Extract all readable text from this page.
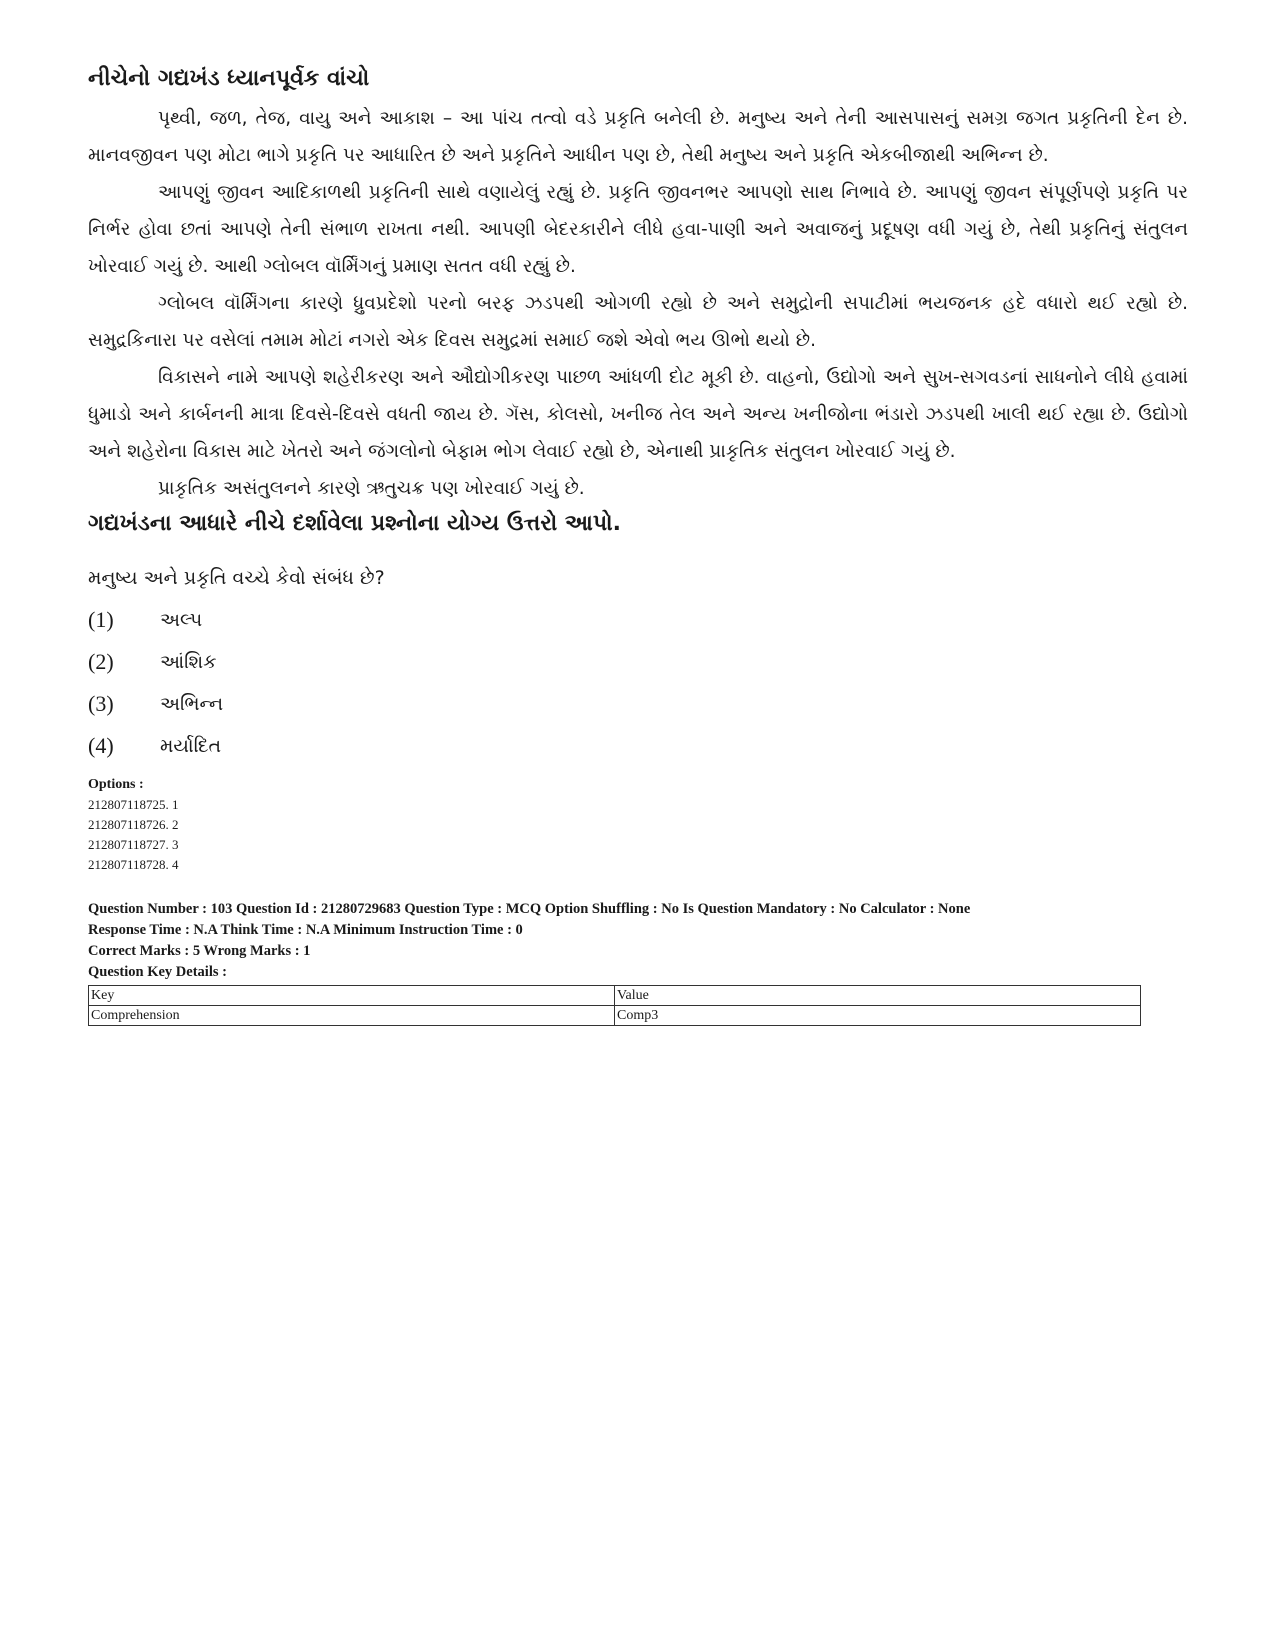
નીચેનો ગદ્યખંડ ધ્યાનપૂર્વક વાંચો

પૃથ્વી, જળ, તેજ, વાયુ અને આકાશ – આ પાંચ તત્વો વડે પ્રકૃતિ બનેલી છે. મનુષ્ય અને તેની આસપાસનું સમગ્ર જગત પ્રકૃતિની દેન છે. માનવજીવન પણ મોટા ભાગે પ્રકૃતિ પર આધારિત છે અને પ્રકૃતિને આધીન પણ છે, તેથી મનુષ્ય અને પ્રકૃતિ એકબીજાથી અભિન્ન છે.

આપણું જીવન આદિકાળથી પ્રકૃતિની સાથે વણાયેલું રહ્યું છે. પ્રકૃતિ જીવનભર આપણો સાથ નિભાવે છે. આપણું જીવન સંપૂર્ણપણે પ્રકૃતિ પર નિર્ભર હોવા છતાં આપણે તેની સંભાળ રાખતા નથી. આપણી બેદરકારીને લીધે હવા-પાણી અને અવાજનું પ્રદૂષણ વધી ગયું છે, તેથી પ્રકૃતિનું સંતુલન ખોરવાઈ ગયું છે. આથી ગ્લોબલ વૉર્મિંગનું પ્રમાણ સતત વધી રહ્યું છે.

ગ્લોબલ વૉર્મિંગના કારણે ધ્રુવપ્રદેશો પરનો બરફ ઝડપથી ઓગળી રહ્યો છે અને સમુદ્રોની સપાટીમાં ભયજનક હદે વધારો થઈ રહ્યો છે. સમુદ્રકિનારા પર વસેલાં તમામ મોટાં નગરો એક દિવસ સમુદ્રમાં સમાઈ જશે એવો ભય ઊભો થયો છે.

વિકાસને નામે આપણે શહેરીકરણ અને ઔદ્યોગીકરણ પાછળ આંધળી દોટ મૂકી છે. વાહનો, ઉદ્યોગો અને સુખ-સગવડનાં સાધનોને લીધે હવામાં ધુમાડો અને કાર્બનની માત્રા દિવસે-દિવસે વધતી જાય છે. ગૅસ, કોલસો, ખનીજ તેલ અને અન્ય ખનીજોના ભંડારો ઝડપથી ખાલી થઈ રહ્યા છે. ઉદ્યોગો અને શહેરોના વિકાસ માટે ખેતરો અને જંગલોનો બેફામ ભોગ લેવાઈ રહ્યો છે, એનાથી પ્રાકૃતિક સંતુલન ખોરવાઈ ગયું છે.

પ્રાકૃતિક અસંતુલનને કારણે ઋતુચક્ર પણ ખોરવાઈ ગયું છે.

ગદ્યખંડના આધારે નીચે દર્શાવેલા પ્રશ્નોના યોગ્ય ઉત્તરો આપો.
મનુષ્ય અને પ્રકૃતિ વચ્ચે કેવો સંબંધ છે?
(1)	અલ્પ
(2)	આંશિક
(3)	અભિન્ન
(4)	મર્યાદિત
Options :
212807118725. 1
212807118726. 2
212807118727. 3
212807118728. 4
Question Number : 103 Question Id : 21280729683 Question Type : MCQ Option Shuffling : No Is Question Mandatory : No Calculator : None
Response Time : N.A Think Time : N.A Minimum Instruction Time : 0
Correct Marks : 5 Wrong Marks : 1
Question Key Details :
Key	Value
Comprehension	Comp3
